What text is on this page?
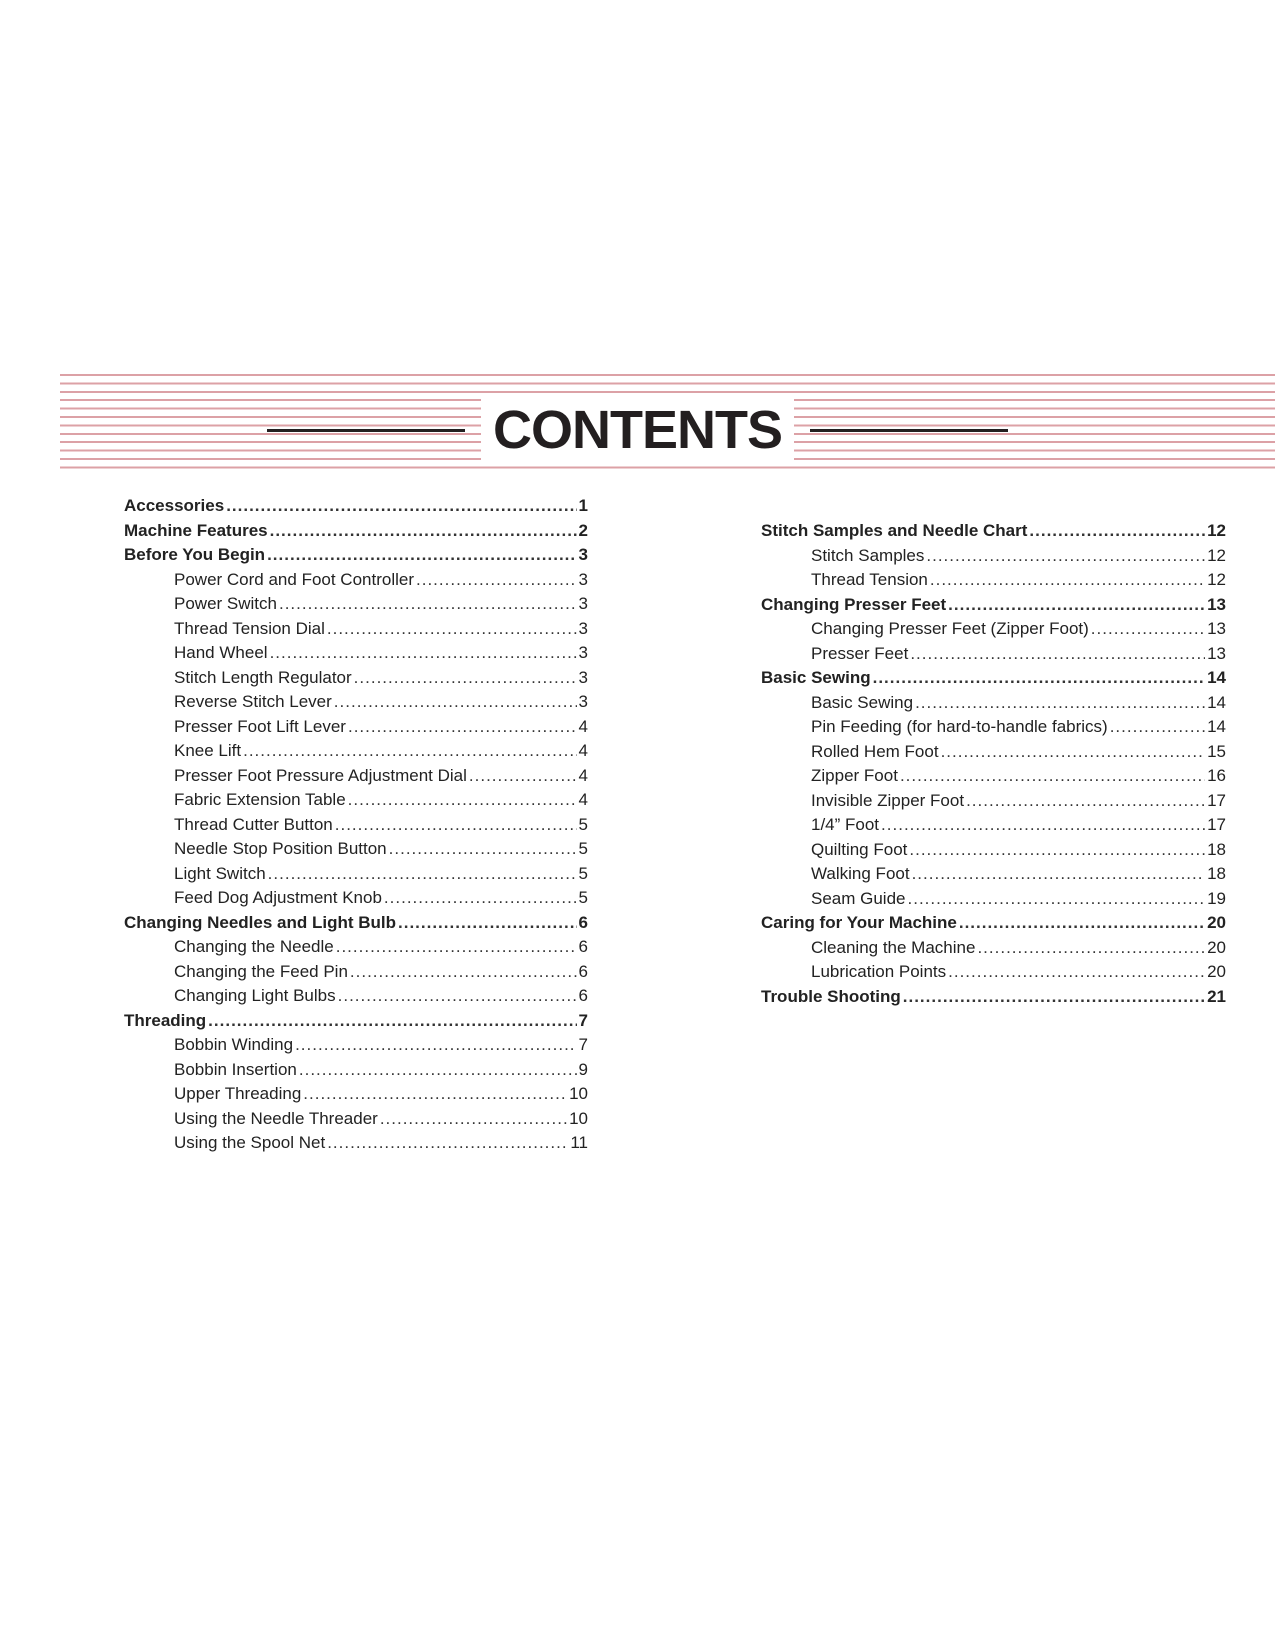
CONTENTS
Accessories .....	1
Machine Features .....	2
Before You Begin .....	3
Power Cord and Foot Controller .....	3
Power Switch .....	3
Thread Tension Dial .....	3
Hand Wheel .....	3
Stitch Length Regulator .....	3
Reverse Stitch Lever .....	3
Presser Foot Lift Lever .....	4
Knee Lift .....	4
Presser Foot Pressure Adjustment Dial .....	4
Fabric Extension Table .....	4
Thread Cutter Button .....	5
Needle Stop Position Button .....	5
Light Switch .....	5
Feed Dog Adjustment Knob .....	5
Changing Needles and Light Bulb .....	6
Changing the Needle .....	6
Changing the Feed Pin .....	6
Changing Light Bulbs .....	6
Threading .....	7
Bobbin Winding .....	7
Bobbin Insertion .....	9
Upper Threading .....	10
Using the Needle Threader .....	10
Using the Spool Net .....	11
Stitch Samples and Needle Chart .....	12
Stitch Samples .....	12
Thread Tension .....	12
Changing Presser Feet .....	13
Changing Presser Feet (Zipper Foot) .....	13
Presser Feet .....	13
Basic Sewing .....	14
Basic Sewing .....	14
Pin Feeding (for hard-to-handle fabrics) .....	14
Rolled Hem Foot .....	15
Zipper Foot .....	16
Invisible Zipper Foot .....	17
1/4” Foot .....	17
Quilting Foot .....	18
Walking Foot .....	18
Seam Guide .....	19
Caring for Your Machine .....	20
Cleaning the Machine .....	20
Lubrication Points .....	20
Trouble Shooting .....	21
